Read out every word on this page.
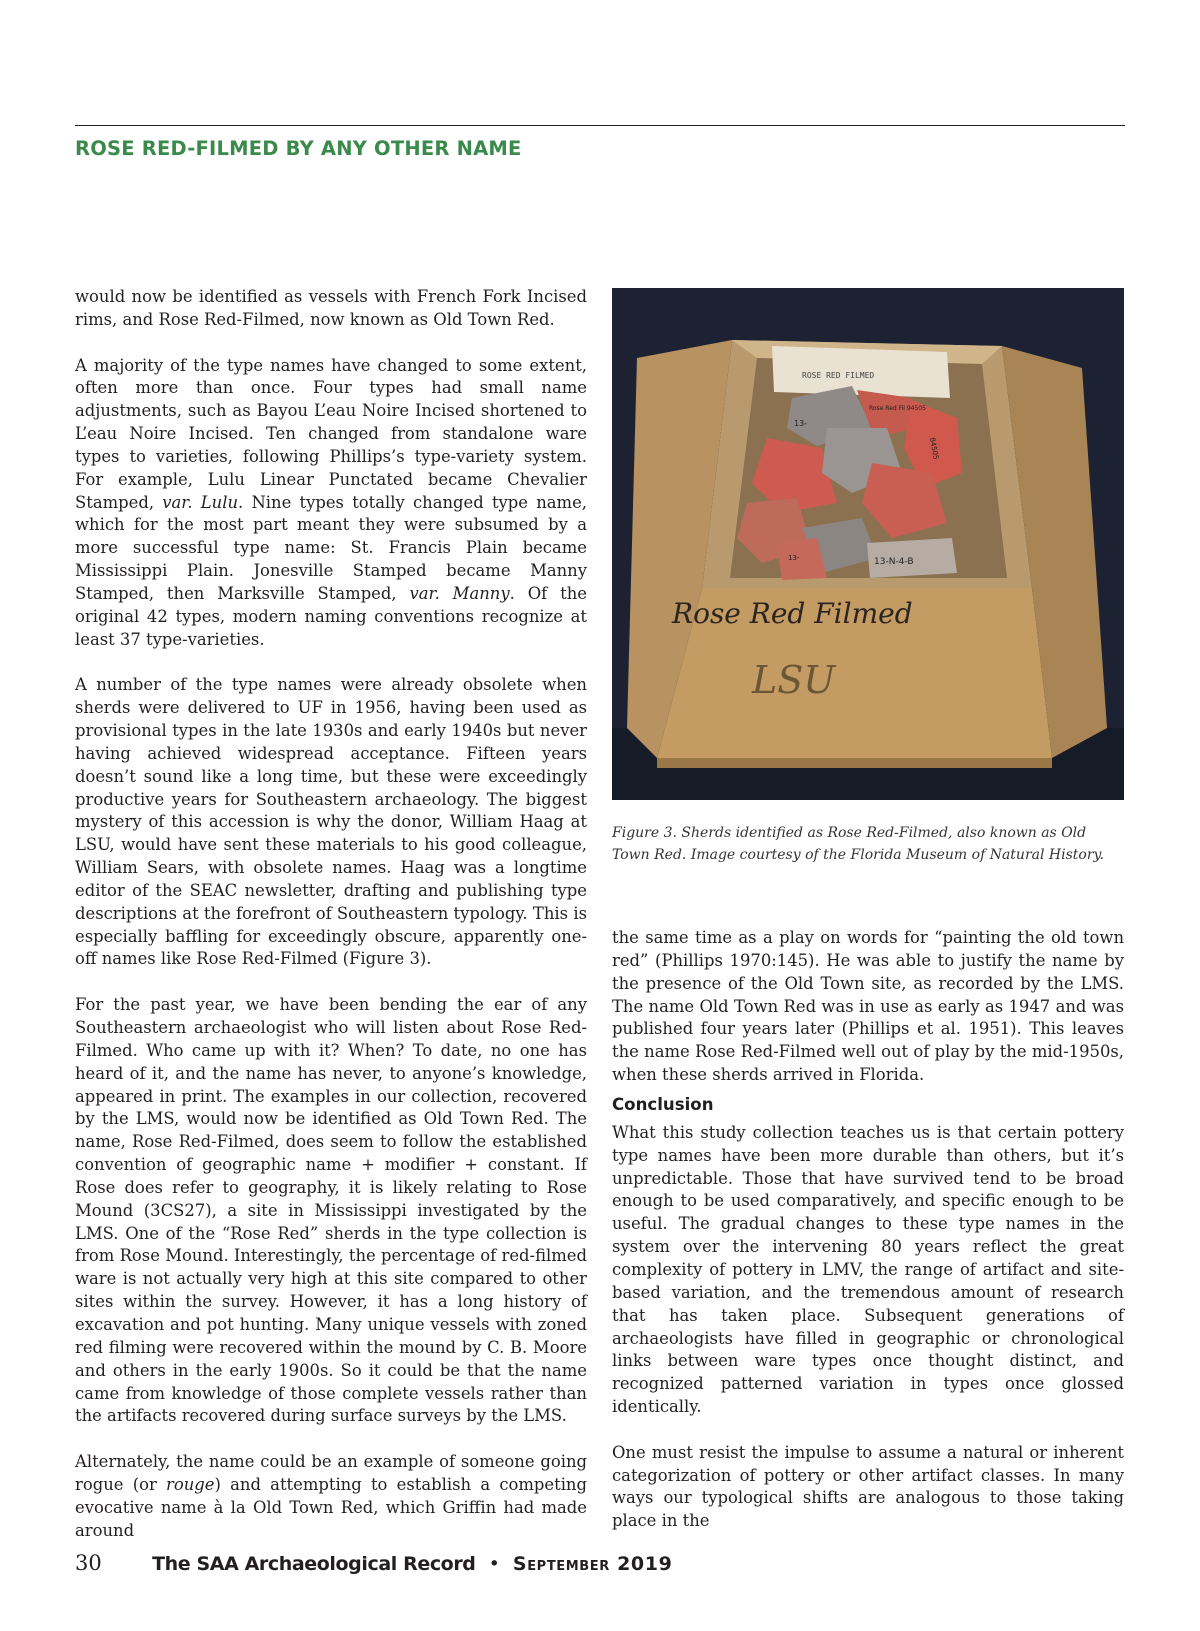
ROSE RED-FILMED BY ANY OTHER NAME

would now be identified as vessels with French Fork Incised rims, and Rose Red-Filmed, now known as Old Town Red.

A majority of the type names have changed to some extent, often more than once. Four types had small name adjustments, such as Bayou L’eau Noire Incised shortened to L’eau Noire Incised. Ten changed from standalone ware types to varieties, following Phillips’s type-variety system. For example, Lulu Linear Punctated became Chevalier Stamped, var. Lulu. Nine types totally changed type name, which for the most part meant they were subsumed by a more successful type name: St. Francis Plain became Mississippi Plain. Jonesville Stamped became Manny Stamped, then Marksville Stamped, var. Manny. Of the original 42 types, modern naming conventions recognize at least 37 type-varieties.

A number of the type names were already obsolete when sherds were delivered to UF in 1956, having been used as provisional types in the late 1930s and early 1940s but never having achieved widespread acceptance. Fifteen years doesn’t sound like a long time, but these were exceedingly productive years for Southeastern archaeology. The biggest mystery of this accession is why the donor, William Haag at LSU, would have sent these materials to his good colleague, William Sears, with obsolete names. Haag was a longtime editor of the SEAC newsletter, drafting and publishing type descriptions at the forefront of Southeastern typology. This is especially baffling for exceedingly obscure, apparently one-off names like Rose Red-Filmed (Figure 3).

For the past year, we have been bending the ear of any Southeastern archaeologist who will listen about Rose Red-Filmed. Who came up with it? When? To date, no one has heard of it, and the name has never, to anyone’s knowledge, appeared in print. The examples in our collection, recovered by the LMS, would now be identified as Old Town Red. The name, Rose Red-Filmed, does seem to follow the established convention of geographic name + modifier + constant. If Rose does refer to geography, it is likely relating to Rose Mound (3CS27), a site in Mississippi investigated by the LMS. One of the “Rose Red” sherds in the type collection is from Rose Mound. Interestingly, the percentage of red-filmed ware is not actually very high at this site compared to other sites within the survey. However, it has a long history of excavation and pot hunting. Many unique vessels with zoned red filming were recovered within the mound by C. B. Moore and others in the early 1900s. So it could be that the name came from knowledge of those complete vessels rather than the artifacts recovered during surface surveys by the LMS.

Alternately, the name could be an example of someone going rogue (or rouge) and attempting to establish a competing evocative name à la Old Town Red, which Griffin had made around

ROSE RED FILMED
13-
Rose Red Fil 94505
84505
13-N-4-B
13-
Rose Red Filmed
LSU
Figure 3. Sherds identified as Rose Red-Filmed, also known as Old Town Red. Image courtesy of the Florida Museum of Natural History.

the same time as a play on words for “painting the old town red” (Phillips 1970:145). He was able to justify the name by the presence of the Old Town site, as recorded by the LMS. The name Old Town Red was in use as early as 1947 and was published four years later (Phillips et al. 1951). This leaves the name Rose Red-Filmed well out of play by the mid-1950s, when these sherds arrived in Florida.

Conclusion

What this study collection teaches us is that certain pottery type names have been more durable than others, but it’s unpredictable. Those that have survived tend to be broad enough to be used comparatively, and specific enough to be useful. The gradual changes to these type names in the system over the intervening 80 years reflect the great complexity of pottery in LMV, the range of artifact and site-based variation, and the tremendous amount of research that has taken place. Subsequent generations of archaeologists have filled in geographic or chronological links between ware types once thought distinct, and recognized patterned variation in types once glossed identically.

One must resist the impulse to assume a natural or inherent categorization of pottery or other artifact classes. In many ways our typological shifts are analogous to those taking place in the

30	The SAA Archaeological Record • September 2019
